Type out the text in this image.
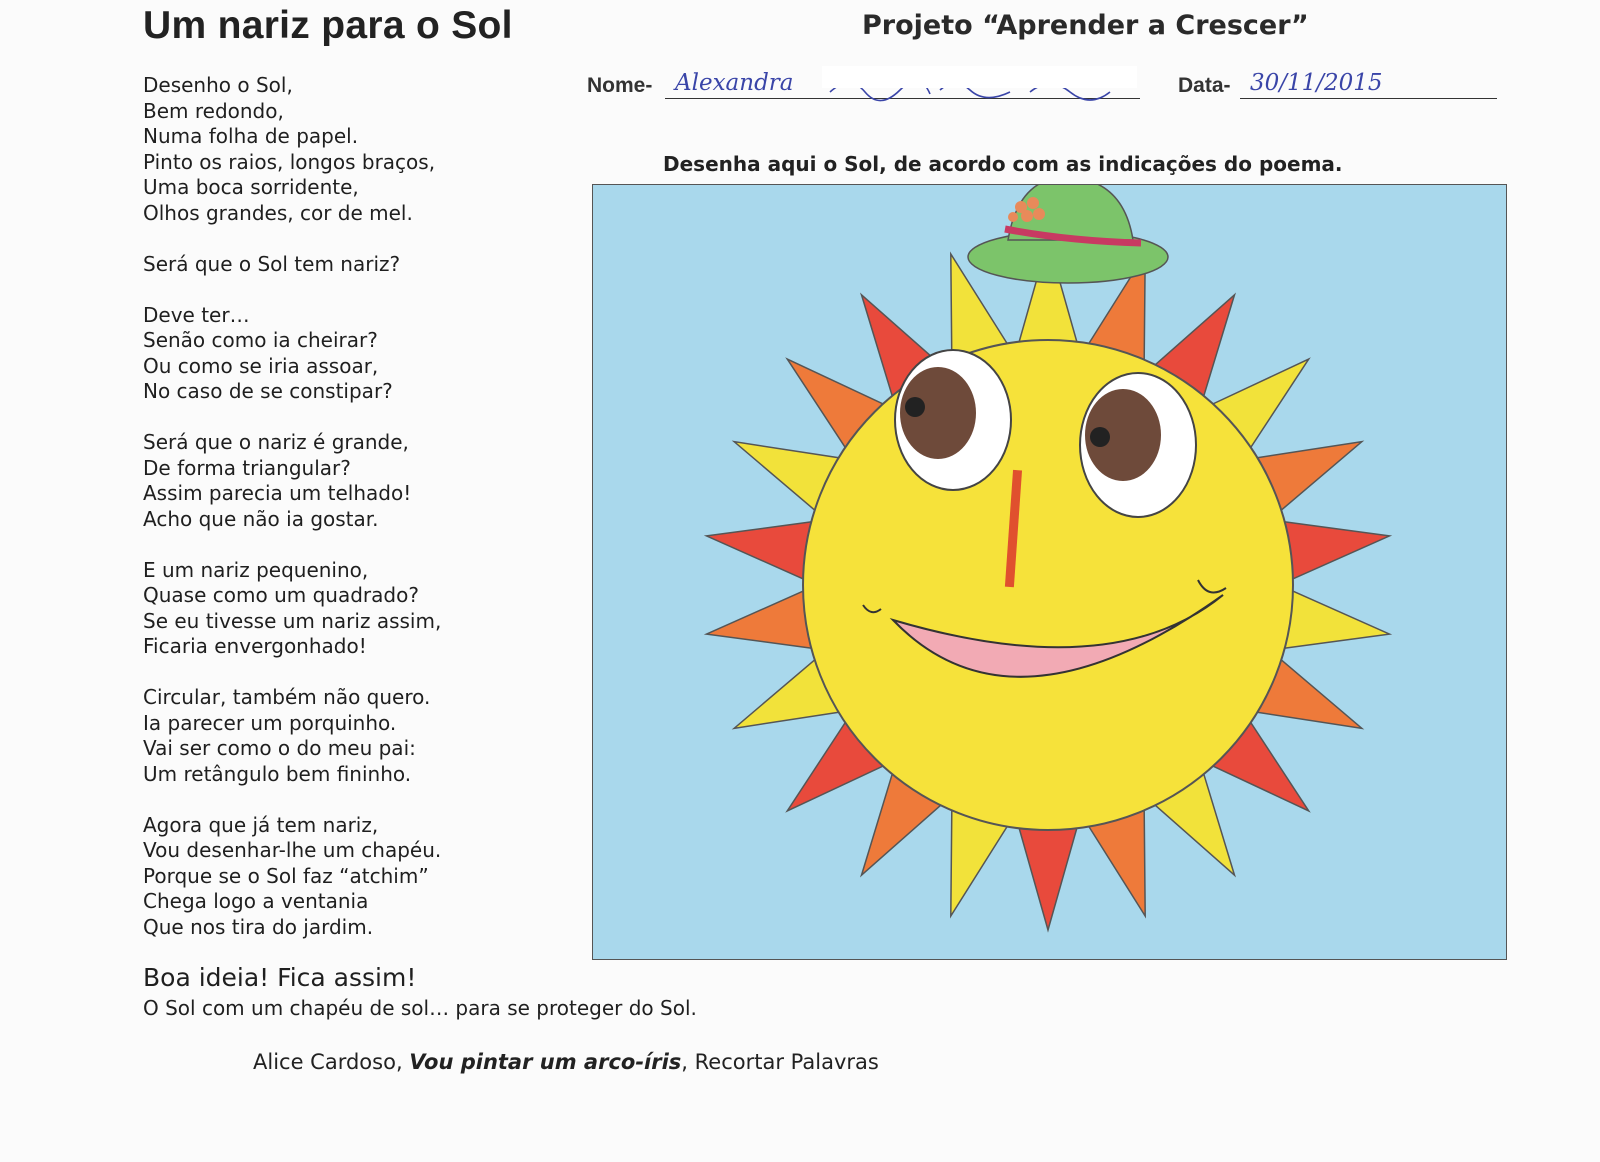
Um nariz para o Sol	Projeto “Aprender a Crescer”
Nome- Alexandra	Data- 30/11/2015
Desenho o Sol,
Bem redondo,
Numa folha de papel.
Pinto os raios, longos braços,
Uma boca sorridente,
Olhos grandes, cor de mel.
Será que o Sol tem nariz?
Deve ter…
Senão como ia cheirar?
Ou como se iria assoar,
No caso de se constipar?
Será que o nariz é grande,
De forma triangular?
Assim parecia um telhado!
Acho que não ia gostar.
E um nariz pequenino,
Quase como um quadrado?
Se eu tivesse um nariz assim,
Ficaria envergonhado!
Circular, também não quero.
Ia parecer um porquinho.
Vai ser como o do meu pai:
Um retângulo bem fininho.
Agora que já tem nariz,
Vou desenhar-lhe um chapéu.
Porque se o Sol faz “atchim”
Chega logo a ventania
Que nos tira do jardim.
Boa ideia! Fica assim!
O Sol com um chapéu de sol… para se proteger do Sol.
Alice Cardoso, Vou pintar um arco-íris, Recortar Palavras
Desenha aqui o Sol, de acordo com as indicações do poema.
